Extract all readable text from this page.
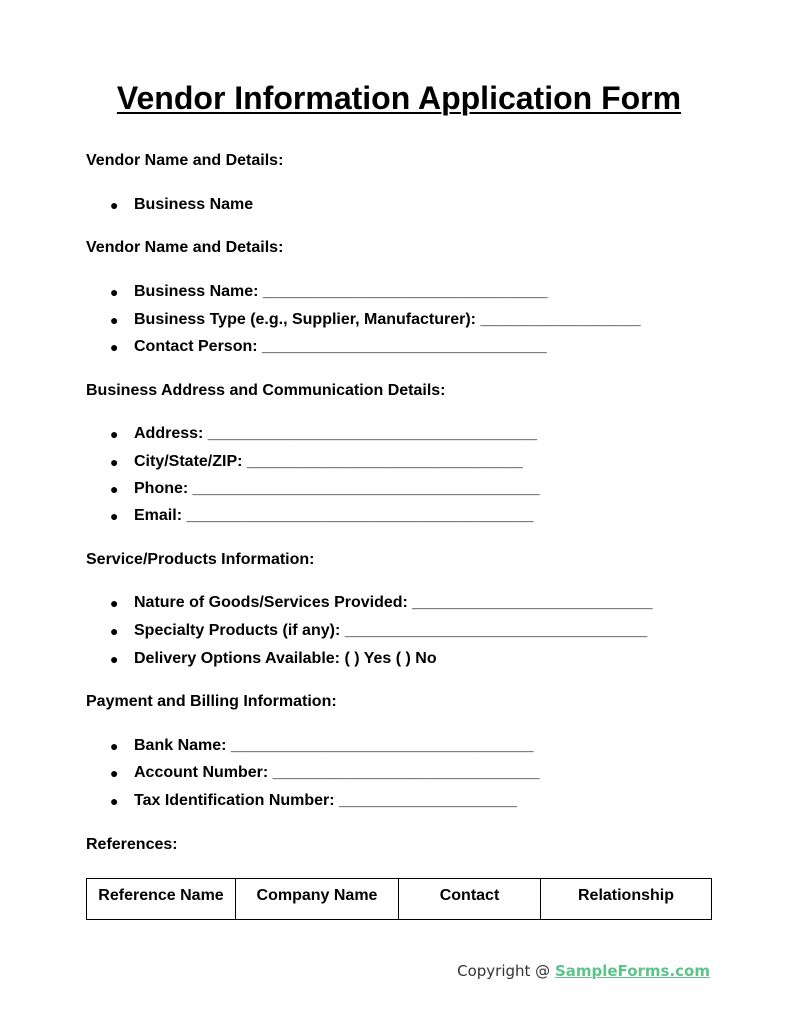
Vendor Information Application Form

Vendor Name and Details:

● Business Name

Vendor Name and Details:

● Business Name: ________________________________
● Business Type (e.g., Supplier, Manufacturer): __________________
● Contact Person: ________________________________

Business Address and Communication Details:

● Address: _____________________________________
● City/State/ZIP: _______________________________
● Phone: _______________________________________
● Email: _______________________________________

Service/Products Information:

● Nature of Goods/Services Provided: ___________________________
● Specialty Products (if any): __________________________________
● Delivery Options Available: ( ) Yes ( ) No

Payment and Billing Information:

● Bank Name: __________________________________
● Account Number: ______________________________
● Tax Identification Number: ____________________

References:

Reference Name	Company Name	Contact	Relationship
Copyright @ SampleForms.com
